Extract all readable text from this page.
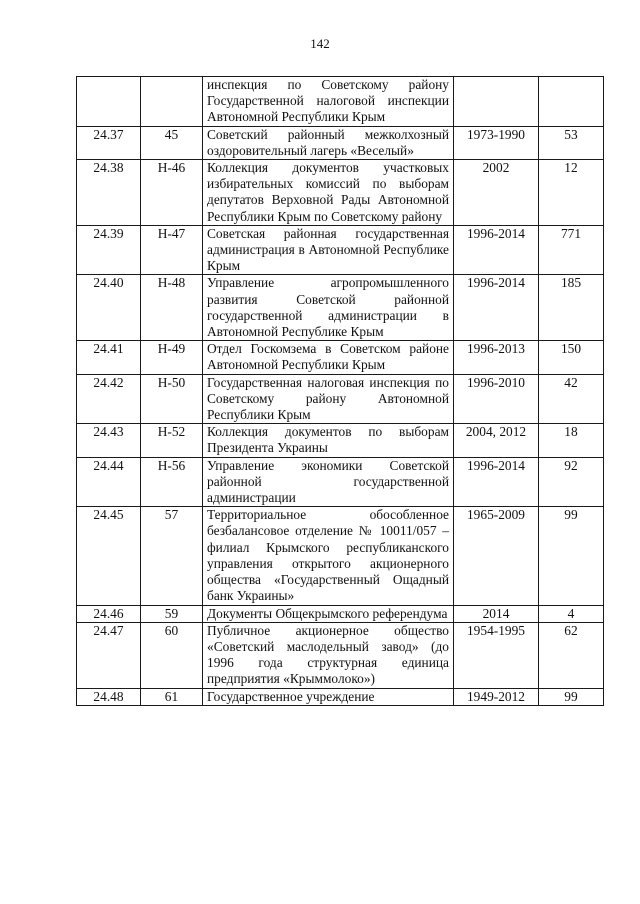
142
		инспекция по Советскому району Государственной налоговой инспекции Автономной Республики Крым		
24.37	45	Советский районный межколхозный оздоровительный лагерь «Веселый»	1973-1990	53
24.38	Н-46	Коллекция документов участковых избирательных комиссий по выборам депутатов Верховной Рады Автономной Республики Крым по Советскому району	2002	12
24.39	Н-47	Советская районная государственная администрация в Автономной Республике Крым	1996-2014	771
24.40	Н-48	Управление агропромышленного развития Советской районной государственной администрации в Автономной Республике Крым	1996-2014	185
24.41	Н-49	Отдел Госкомзема в Советском районе Автономной Республики Крым	1996-2013	150
24.42	Н-50	Государственная налоговая инспекция по Советскому району Автономной Республики Крым	1996-2010	42
24.43	Н-52	Коллекция документов по выборам Президента Украины	2004, 2012	18
24.44	Н-56	Управление экономики Советской районной государственной администрации	1996-2014	92
24.45	57	Территориальное обособленное безбалансовое отделение № 10011/057 – филиал Крымского республиканского управления открытого акционерного общества «Государственный Ощадный банк Украины»	1965-2009	99
24.46	59	Документы Общекрымского референдума	2014	4
24.47	60	Публичное акционерное общество «Советский маслодельный завод» (до 1996 года структурная единица предприятия «Крыммолоко»)	1954-1995	62
24.48	61	Государственное учреждение	1949-2012	99
